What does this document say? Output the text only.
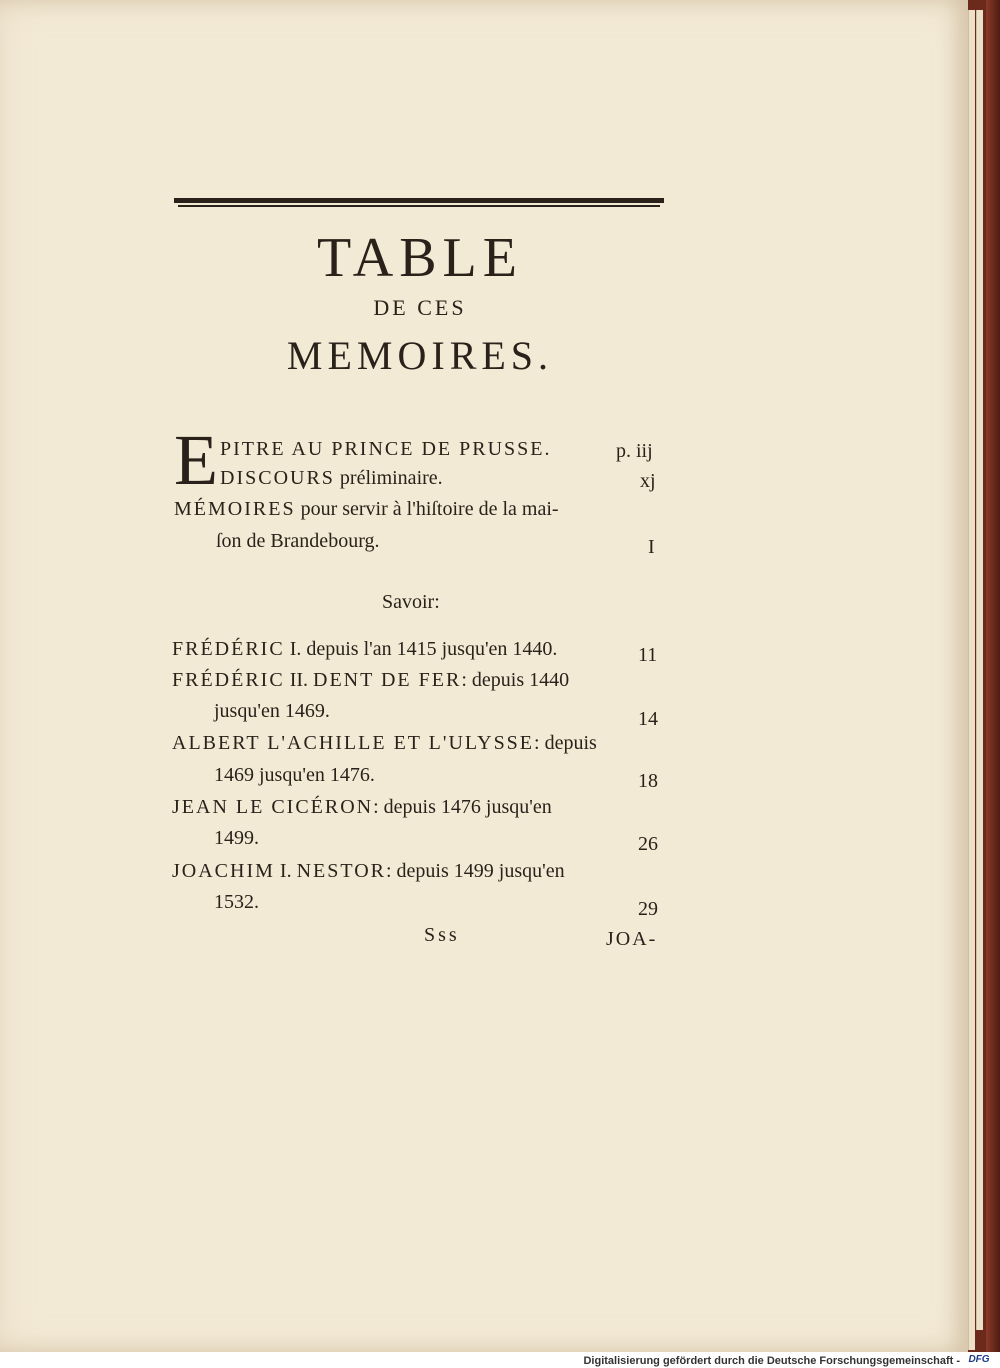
TABLE
DE CES
MEMOIRES.
E PITRE AU PRINCE DE PRUSSE.	p. iij
DISCOURS préliminaire.	xj
MÉMOIRES pour servir à l'hiſtoire de la mai-
ſon de Brandebourg.	I
Savoir:
FRÉDÉRIC I. depuis l'an 1415 jusqu'en 1440.	11
FRÉDÉRIC II. DENT DE FER: depuis 1440
jusqu'en 1469.	14
ALBERT L'ACHILLE ET L'ULYSSE: depuis
1469 jusqu'en 1476.	18
JEAN LE CICÉRON: depuis 1476 jusqu'en
1499.	26
JOACHIM I. NESTOR: depuis 1499 jusqu'en
1532.	29
Sss	JOA-
Digitalisierung gefördert durch die Deutsche Forschungsgemeinschaft - DFG
